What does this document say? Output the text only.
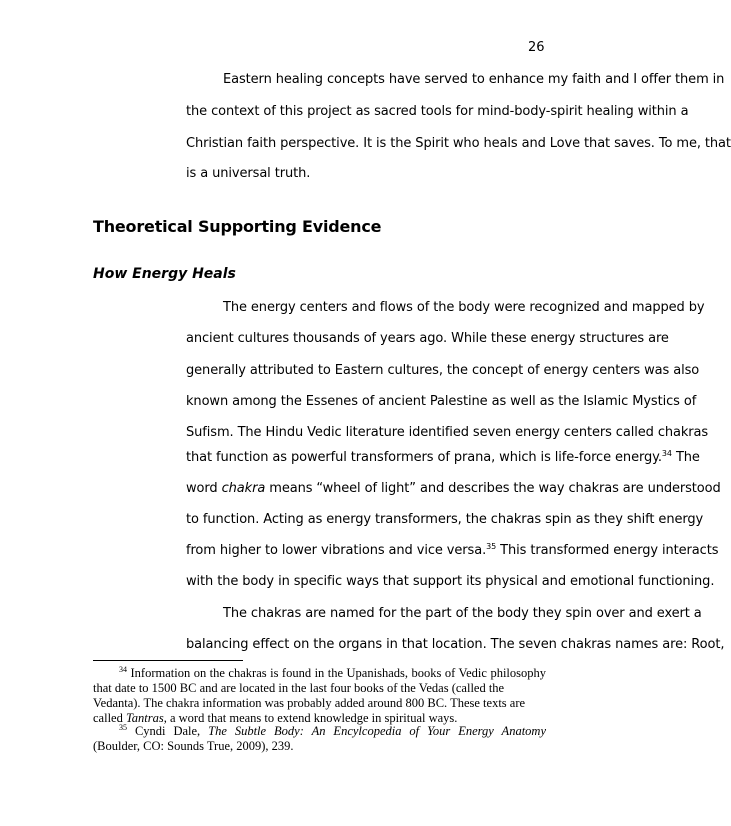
26
Eastern healing concepts have served to enhance my faith and I offer them in
the context of this project as sacred tools for mind-body-spirit healing within a
Christian faith perspective. It is the Spirit who heals and Love that saves. To me, that
is a universal truth.
Theoretical Supporting Evidence
How Energy Heals
The energy centers and flows of the body were recognized and mapped by
ancient cultures thousands of years ago. While these energy structures are
generally attributed to Eastern cultures, the concept of energy centers was also
known among the Essenes of ancient Palestine as well as the Islamic Mystics of
Sufism. The Hindu Vedic literature identified seven energy centers called chakras
that function as powerful transformers of prana, which is life-force energy.$^{34}$ The
word chakra means “wheel of light” and describes the way chakras are understood
to function. Acting as energy transformers, the chakras spin as they shift energy
from higher to lower vibrations and vice versa.$^{35}$ This transformed energy interacts
with the body in specific ways that support its physical and emotional functioning.
The chakras are named for the part of the body they spin over and exert a
balancing effect on the organs in that location. The seven chakras names are: Root,
$^{34}$ Information on the chakras is found in the Upanishads, books of Vedic philosophy
that date to 1500 BC and are located in the last four books of the Vedas (called the
Vedanta). The chakra information was probably added around 800 BC. These texts are
called Tantras, a word that means to extend knowledge in spiritual ways.
$^{35}$ Cyndi Dale, The Subtle Body: An Encylcopedia of Your Energy Anatomy
(Boulder, CO: Sounds True, 2009), 239.
